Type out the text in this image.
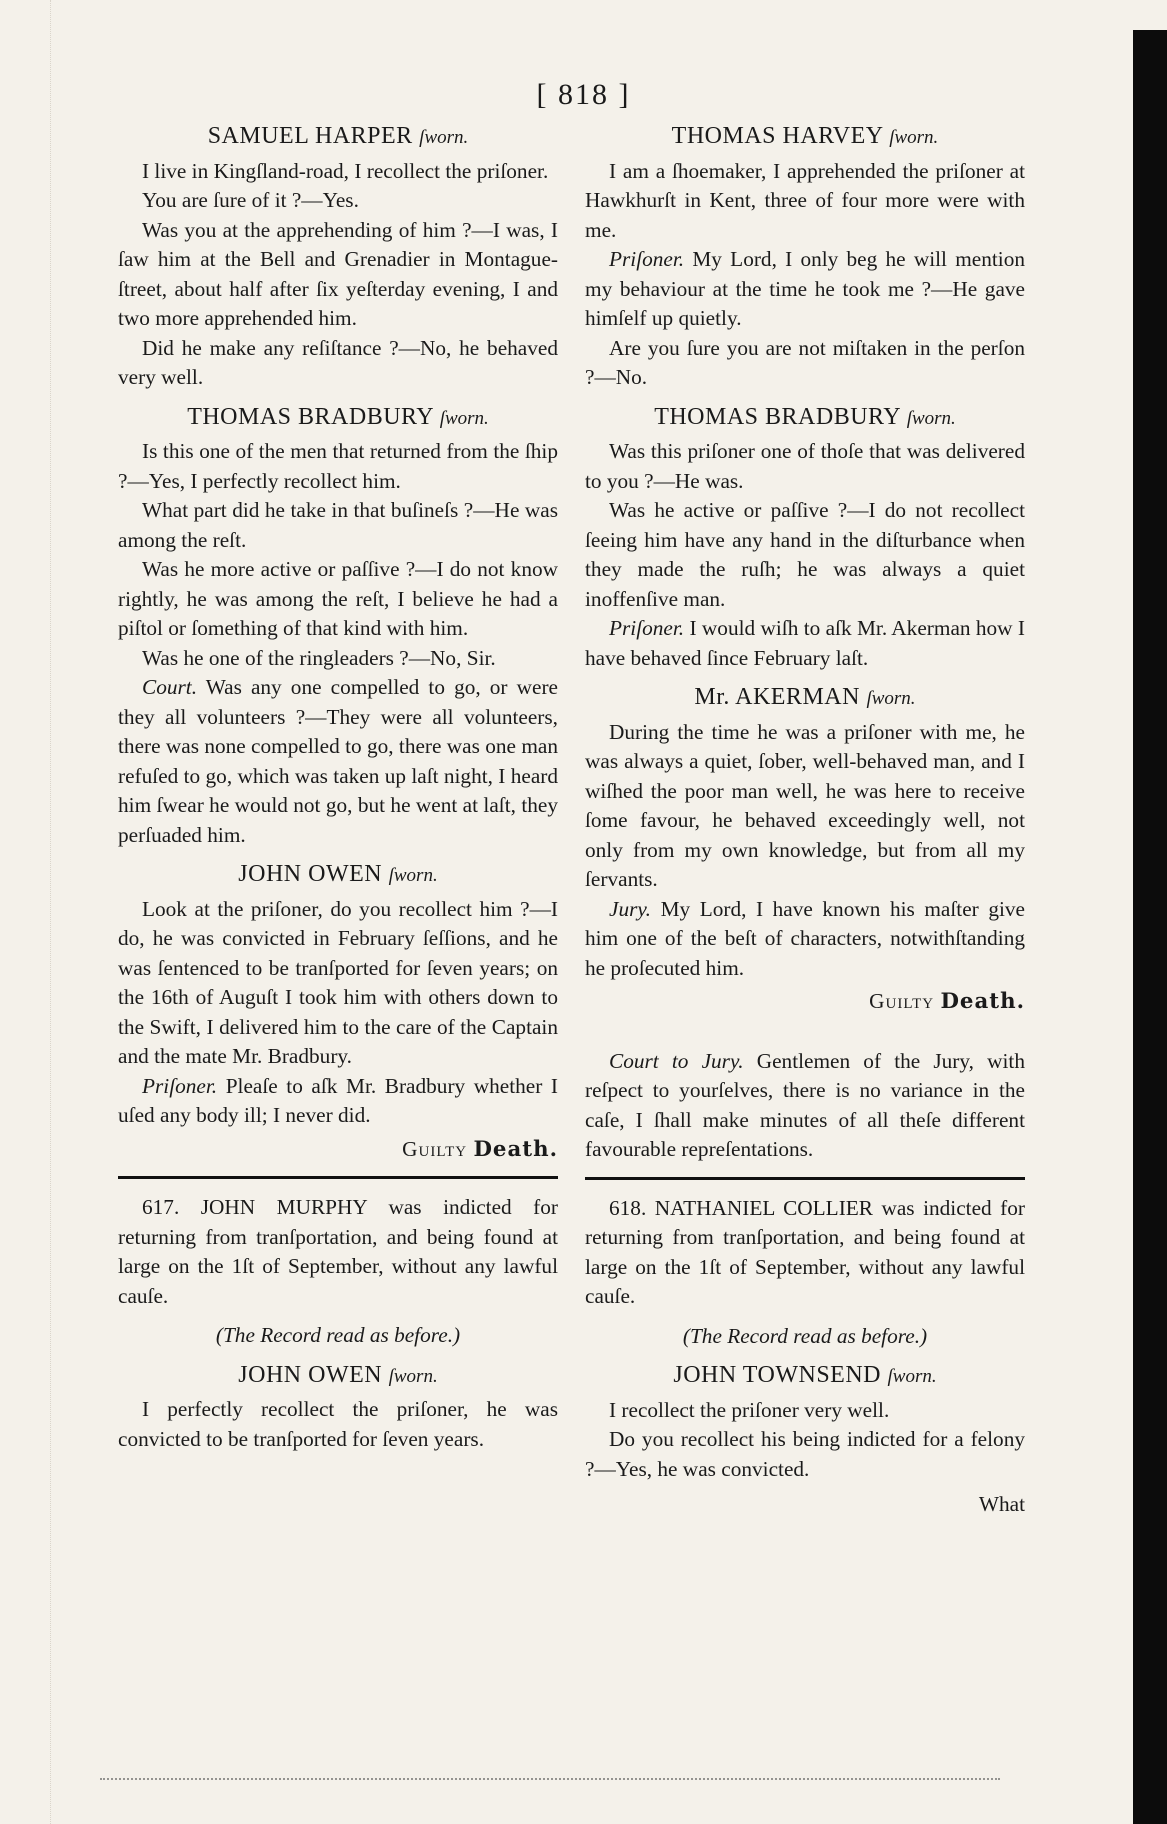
[ 818 ]

SAMUEL HARPER ſworn.

I live in Kingſland-road, I recollect the priſoner.

You are ſure of it ?—Yes.

Was you at the apprehending of him ?—I was, I ſaw him at the Bell and Grenadier in Montague-ſtreet, about half after ſix yeſterday evening, I and two more apprehended him.

Did he make any reſiſtance ?—No, he behaved very well.

THOMAS BRADBURY ſworn.

Is this one of the men that returned from the ſhip ?—Yes, I perfectly recollect him.

What part did he take in that buſineſs ?—He was among the reſt.

Was he more active or paſſive ?—I do not know rightly, he was among the reſt, I believe he had a piſtol or ſomething of that kind with him.

Was he one of the ringleaders ?—No, Sir.

Court. Was any one compelled to go, or were they all volunteers ?—They were all volunteers, there was none compelled to go, there was one man refuſed to go, which was taken up laſt night, I heard him ſwear he would not go, but he went at laſt, they perſuaded him.

JOHN OWEN ſworn.

Look at the priſoner, do you recollect him ?—I do, he was convicted in February ſeſſions, and he was ſentenced to be tranſported for ſeven years; on the 16th of Auguſt I took him with others down to the Swift, I delivered him to the care of the Captain and the mate Mr. Bradbury.

Priſoner. Pleaſe to aſk Mr. Bradbury whether I uſed any body ill; I never did.

Guilty Death.

617. JOHN MURPHY was indicted for returning from tranſportation, and being found at large on the 1ſt of September, without any lawful cauſe.

(The Record read as before.)

JOHN OWEN ſworn.

I perfectly recollect the priſoner, he was convicted to be tranſported for ſeven years.

THOMAS HARVEY ſworn.

I am a ſhoemaker, I apprehended the priſoner at Hawkhurſt in Kent, three of four more were with me.

Priſoner. My Lord, I only beg he will mention my behaviour at the time he took me ?—He gave himſelf up quietly.

Are you ſure you are not miſtaken in the perſon ?—No.

THOMAS BRADBURY ſworn.

Was this priſoner one of thoſe that was delivered to you ?—He was.

Was he active or paſſive ?—I do not recollect ſeeing him have any hand in the diſturbance when they made the ruſh; he was always a quiet inoffenſive man.

Priſoner. I would wiſh to aſk Mr. Akerman how I have behaved ſince February laſt.

Mr. AKERMAN ſworn.

During the time he was a priſoner with me, he was always a quiet, ſober, well-behaved man, and I wiſhed the poor man well, he was here to receive ſome favour, he behaved exceedingly well, not only from my own knowledge, but from all my ſervants.

Jury. My Lord, I have known his maſter give him one of the beſt of characters, notwithſtanding he proſecuted him.

Guilty Death.

Court to Jury. Gentlemen of the Jury, with reſpect to yourſelves, there is no variance in the caſe, I ſhall make minutes of all theſe different favourable repreſentations.

618. NATHANIEL COLLIER was indicted for returning from tranſportation, and being found at large on the 1ſt of September, without any lawful cauſe.

(The Record read as before.)

JOHN TOWNSEND ſworn.

I recollect the priſoner very well.

Do you recollect his being indicted for a felony ?—Yes, he was convicted.

What
